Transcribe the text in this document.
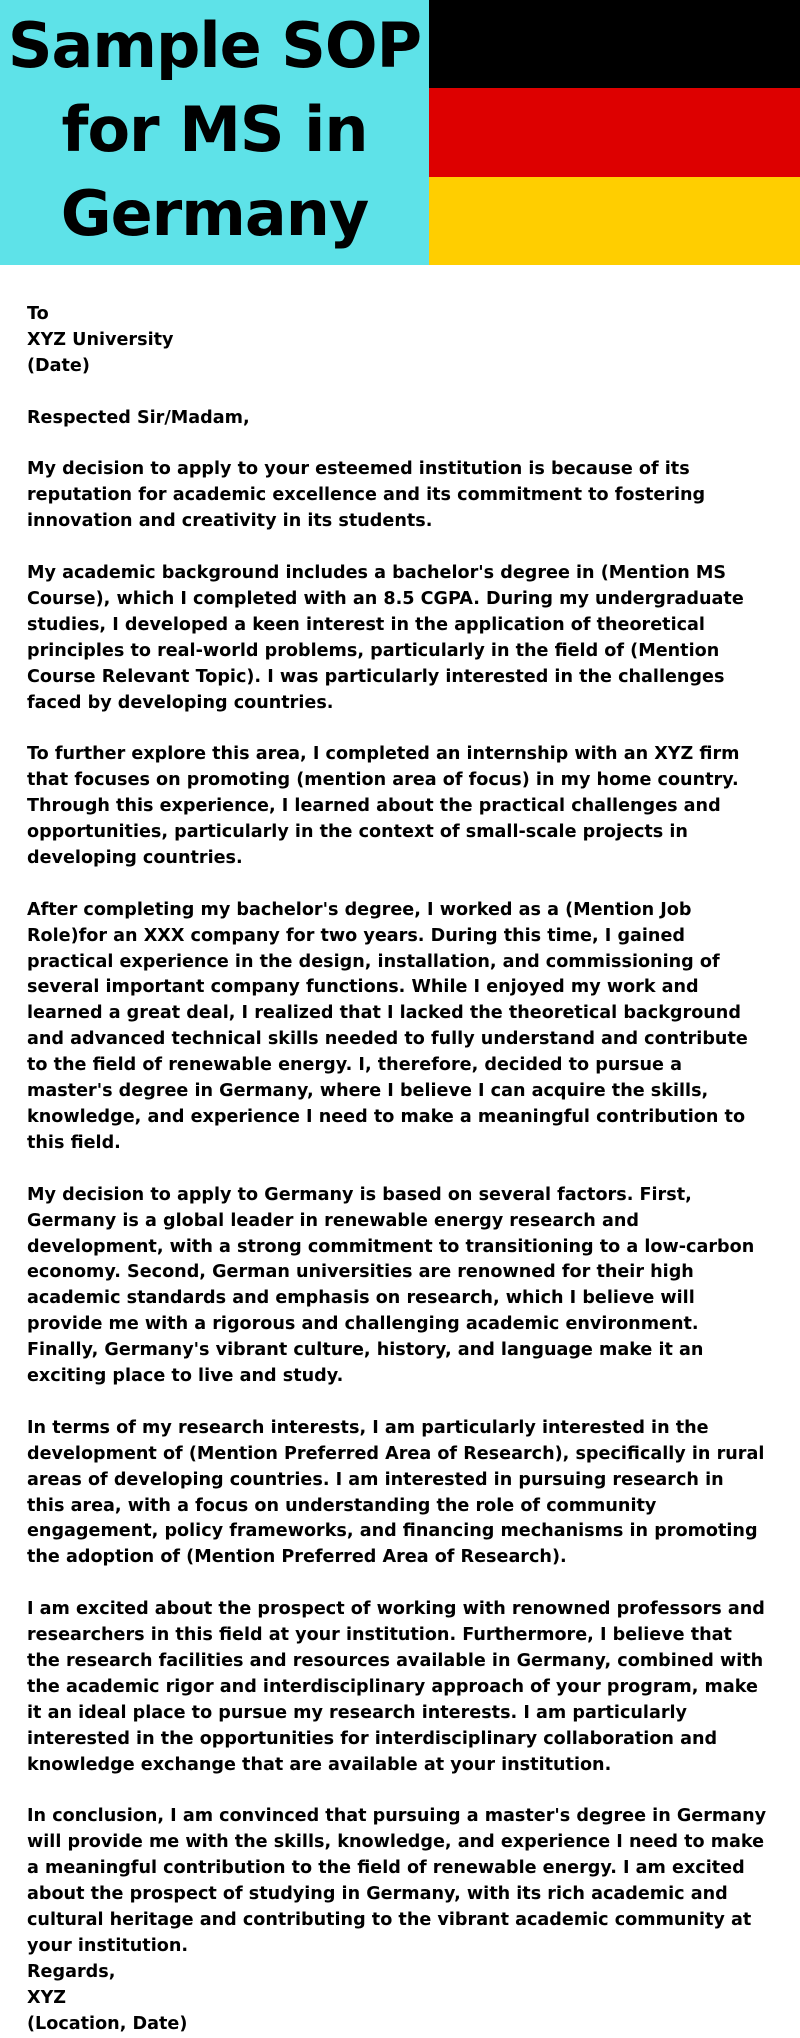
Sample SOP
for MS in
Germany
To
XYZ University
(Date)
Respected Sir/Madam,
My decision to apply to your esteemed institution is because of its reputation for academic excellence and its commitment to fostering innovation and creativity in its students.
My academic background includes a bachelor's degree in (Mention MS Course), which I completed with an 8.5 CGPA. During my undergraduate studies, I developed a keen interest in the application of theoretical principles to real-world problems, particularly in the field of (Mention Course Relevant Topic). I was particularly interested in the challenges faced by developing countries.
To further explore this area, I completed an internship with an XYZ firm that focuses on promoting (mention area of focus) in my home country. Through this experience, I learned about the practical challenges and opportunities, particularly in the context of small-scale projects in developing countries.
After completing my bachelor's degree, I worked as a (Mention Job Role)for an XXX company for two years. During this time, I gained practical experience in the design, installation, and commissioning of several important company functions. While I enjoyed my work and learned a great deal, I realized that I lacked the theoretical background and advanced technical skills needed to fully understand and contribute to the field of renewable energy. I, therefore, decided to pursue a master's degree in Germany, where I believe I can acquire the skills, knowledge, and experience I need to make a meaningful contribution to this field.
My decision to apply to Germany is based on several factors. First, Germany is a global leader in renewable energy research and development, with a strong commitment to transitioning to a low-carbon economy. Second, German universities are renowned for their high academic standards and emphasis on research, which I believe will provide me with a rigorous and challenging academic environment. Finally, Germany's vibrant culture, history, and language make it an exciting place to live and study.
In terms of my research interests, I am particularly interested in the development of (Mention Preferred Area of Research), specifically in rural areas of developing countries. I am interested in pursuing research in this area, with a focus on understanding the role of community engagement, policy frameworks, and financing mechanisms in promoting the adoption of (Mention Preferred Area of Research).
I am excited about the prospect of working with renowned professors and researchers in this field at your institution. Furthermore, I believe that the research facilities and resources available in Germany, combined with the academic rigor and interdisciplinary approach of your program, make it an ideal place to pursue my research interests. I am particularly interested in the opportunities for interdisciplinary collaboration and knowledge exchange that are available at your institution.
In conclusion, I am convinced that pursuing a master's degree in Germany will provide me with the skills, knowledge, and experience I need to make a meaningful contribution to the field of renewable energy. I am excited about the prospect of studying in Germany, with its rich academic and cultural heritage and contributing to the vibrant academic community at your institution.
Regards,
XYZ
(Location, Date)
